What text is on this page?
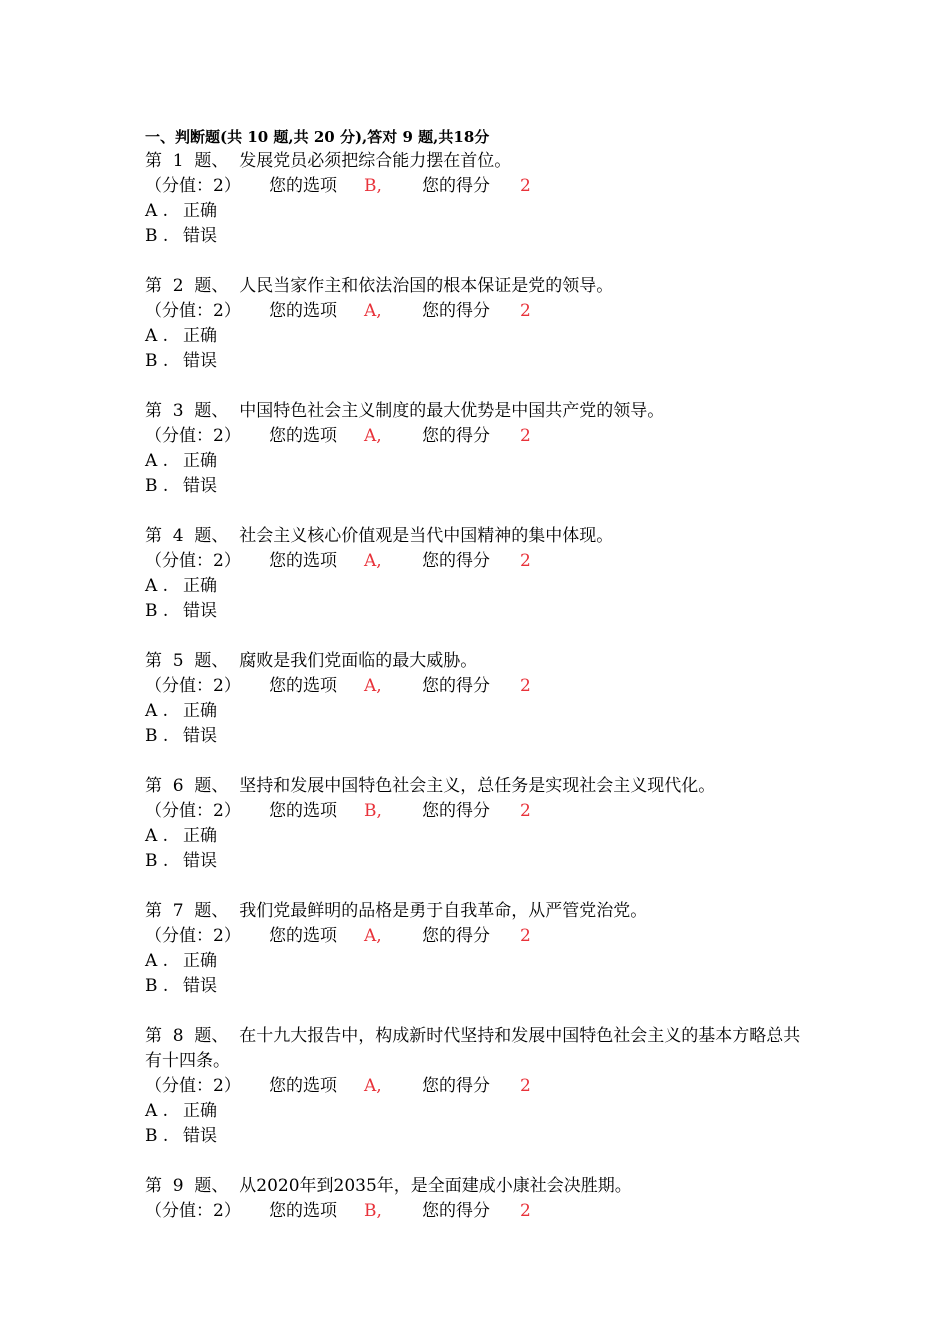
一、判断题(共 10 题,共 20 分),答对 9 题,共18分
第  1  题、 发展党员必须把综合能力摆在首位。
（分值：2）	您的选项	B,	您的得分	2
A . 正确
B . 错误
第  2  题、 人民当家作主和依法治国的根本保证是党的领导。
（分值：2）	您的选项	A,	您的得分	2
A . 正确
B . 错误
第  3  题、 中国特色社会主义制度的最大优势是中国共产党的领导。
（分值：2）	您的选项	A,	您的得分	2
A . 正确
B . 错误
第  4  题、 社会主义核心价值观是当代中国精神的集中体现。
（分值：2）	您的选项	A,	您的得分	2
A . 正确
B . 错误
第  5  题、 腐败是我们党面临的最大威胁。
（分值：2）	您的选项	A,	您的得分	2
A . 正确
B . 错误
第  6  题、 坚持和发展中国特色社会主义，总任务是实现社会主义现代化。
（分值：2）	您的选项	B,	您的得分	2
A . 正确
B . 错误
第  7  题、 我们党最鲜明的品格是勇于自我革命，从严管党治党。
（分值：2）	您的选项	A,	您的得分	2
A . 正确
B . 错误
第  8  题、 在十九大报告中，构成新时代坚持和发展中国特色社会主义的基本方略总共有十四条。
（分值：2）	您的选项	A,	您的得分	2
A . 正确
B . 错误
第  9  题、 从2020年到2035年，是全面建成小康社会决胜期。
（分值：2）	您的选项	B,	您的得分	2
